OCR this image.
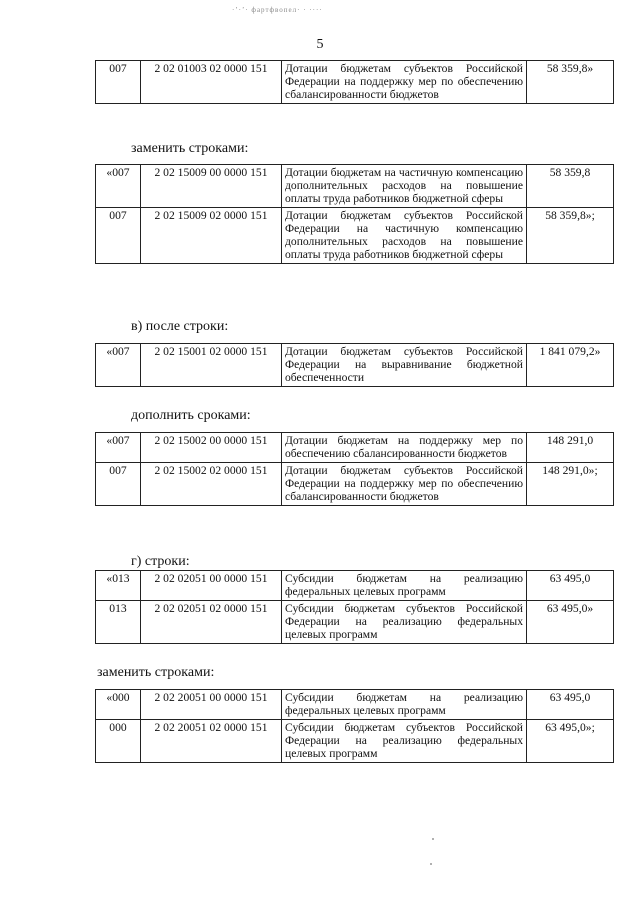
·’·’· фартфвопел· · ····
5
007	2 02 01003 02 0000 151	Дотации бюджетам субъектов Российской Федерации на поддержку мер по обеспечению сбалансированности бюджетов	58 359,8»
заменить строками:
«007	2 02 15009 00 0000 151	Дотации бюджетам на частичную компенсацию дополнительных расходов на повышение оплаты труда работников бюджетной сферы	58 359,8
007	2 02 15009 02 0000 151	Дотации бюджетам субъектов Российской Федерации на частичную компенсацию дополнительных расходов на повышение оплаты труда работников бюджетной сферы	58 359,8»;
в) после строки:
«007	2 02 15001 02 0000 151	Дотации бюджетам субъектов Российской Федерации на выравнивание бюджетной обеспеченности	1 841 079,2»
дополнить сроками:
«007	2 02 15002 00 0000 151	Дотации бюджетам на поддержку мер по обеспечению сбалансированности бюджетов	148 291,0
007	2 02 15002 02 0000 151	Дотации бюджетам субъектов Российской Федерации на поддержку мер по обеспечению сбалансированности бюджетов	148 291,0»;
г) строки:
«013	2 02 02051 00 0000 151	Субсидии бюджетам на реализацию федеральных целевых программ	63 495,0
013	2 02 02051 02 0000 151	Субсидии бюджетам субъектов Российской Федерации на реализацию федеральных целевых программ	63 495,0»
заменить строками:
«000	2 02 20051 00 0000 151	Субсидии бюджетам на реализацию федеральных целевых программ	63 495,0
000	2 02 20051 02 0000 151	Субсидии бюджетам субъектов Российской Федерации на реализацию федеральных целевых программ	63 495,0»;
